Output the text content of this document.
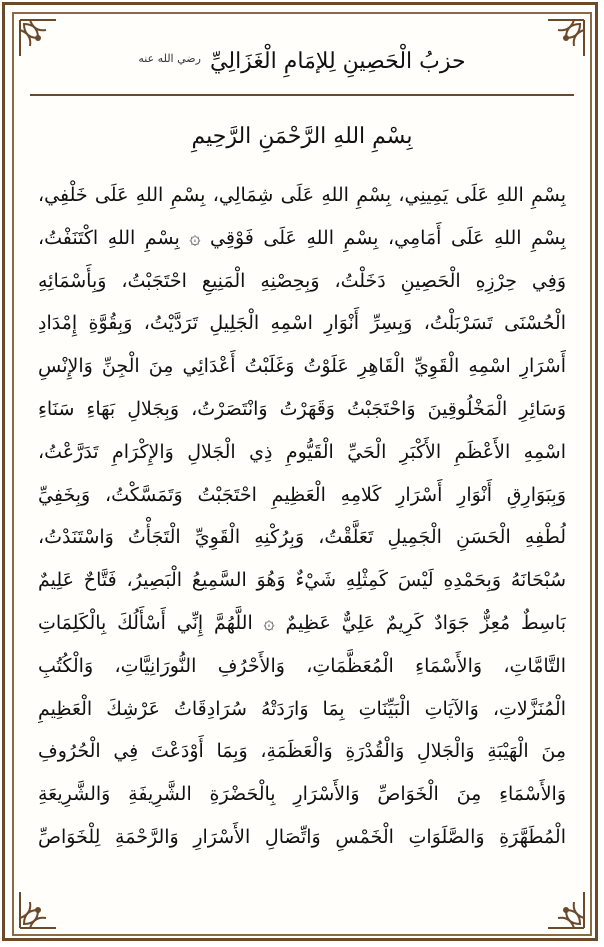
حزبُ الْحَصِينِ لِلإمَامِ الْغَزَالِيِّ $^{رضي الله عنه}$
بِسْمِ اللهِ الرَّحْمَنِ الرَّحِيمِ
بِسْمِ اللهِ عَلَى يَمِينِي، بِسْمِ اللهِ عَلَى شِمَالِي، بِسْمِ اللهِ عَلَى خَلْفِي،
بِسْمِ اللهِ عَلَى أَمَامِي، بِسْمِ اللهِ عَلَى فَوْقِي ۞ بِسْمِ اللهِ اكْتَنَفْتُ،
وَفِي حِرْزِهِ الْحَصِينِ دَخَلْتُ، وَبِحِصْنِهِ الْمَنِيعِ احْتَجَبْتُ، وَبِأَسْمَائِهِ
الْحُسْنَى تَسَرْبَلْتُ، وَبِسِرِّ أَنْوَارِ اسْمِهِ الْجَلِيلِ تَرَدَّيْتُ، وَبِقُوَّةِ إِمْدَادِ
أَسْرَارِ اسْمِهِ الْقَوِيِّ الْقَاهِرِ عَلَوْتُ وَغَلَبْتُ أَعْدَائِي مِنَ الْجِنِّ وَالإِنْسِ
وَسَائِرِ الْمَخْلُوقِينَ وَاحْتَجَبْتُ وَقَهَرْتُ وَانْتَصَرْتُ، وَبِجَلالِ بَهَاءِ سَنَاءِ
اسْمِهِ الأَعْظَمِ الأَكْبَرِ الْحَيِّ الْقَيُّومِ ذِي الْجَلالِ وَالإِكْرَامِ تَدَرَّعْتُ،
وَبِبَوَارِقِ أَنْوَارِ أَسْرَارِ كَلامِهِ الْعَظِيمِ احْتَجَبْتُ وَتَمَسَّكْتُ، وَبِخَفِيِّ
لُطْفِهِ الْحَسَنِ الْجَمِيلِ تَعَلَّقْتُ، وَبِرُكْنِهِ الْقَوِيِّ الْتَجَأْتُ وَاسْتَنَدْتُ،
سُبْحَانَهُ وَبِحَمْدِهِ لَيْسَ كَمِثْلِهِ شَيْءٌ وَهُوَ السَّمِيعُ الْبَصِيرُ، فَتَّاحٌ عَلِيمٌ
بَاسِطٌ مُعِزٌّ جَوَادٌ كَرِيمٌ عَلِيٌّ عَظِيمٌ ۞ اللَّهُمَّ إِنِّي أَسْأَلُكَ بِالْكَلِمَاتِ
التَّامَّاتِ، وَالأَسْمَاءِ الْمُعَظَّمَاتِ، وَالأَحْرُفِ النُّورَانِيَّاتِ، وَالْكُتُبِ
الْمُنَزَّلاتِ، وَالآيَاتِ الْبَيِّنَاتِ بِمَا وَارَدَتْهُ سُرَادِقَاتُ عَرْشِكَ الْعَظِيمِ
مِنَ الْهَيْبَةِ وَالْجَلالِ وَالْقُدْرَةِ وَالْعَظَمَةِ، وَبِمَا أَوْدَعْتَ فِي الْحُرُوفِ
وَالأَسْمَاءِ مِنَ الْخَوَاصِّ وَالأَسْرَارِ بِالْحَضْرَةِ الشَّرِيفَةِ وَالشَّرِيعَةِ
الْمُطَهَّرَةِ وَالصَّلَوَاتِ الْخَمْسِ وَاتِّصَالِ الأَسْرَارِ وَالرَّحْمَةِ لِلْخَوَاصِّ
